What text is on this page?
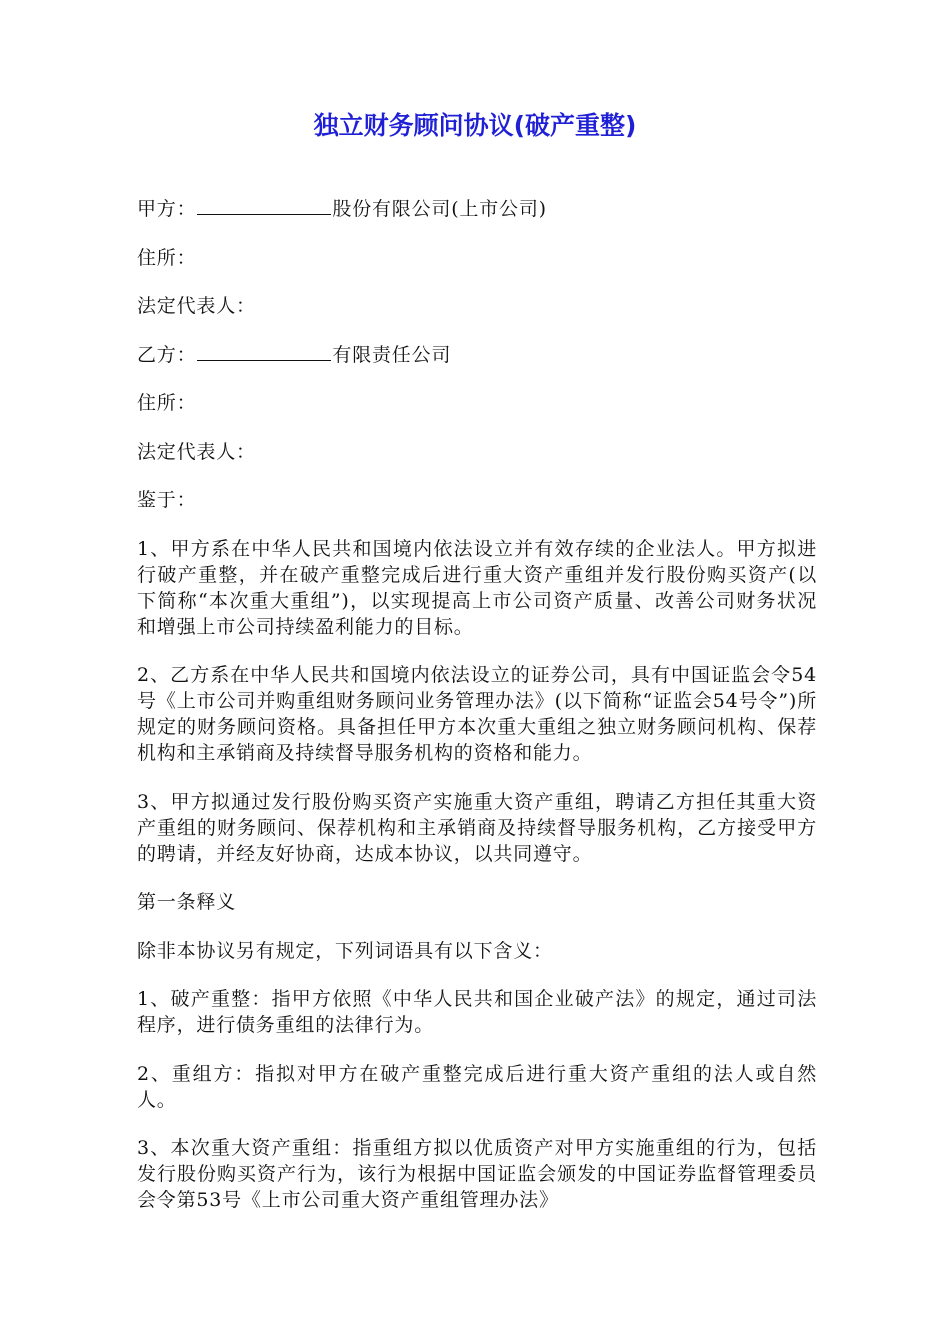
独立财务顾问协议(破产重整)

甲方：	股份有限公司(上市公司)

住所：

法定代表人：

乙方：	有限责任公司

住所：

法定代表人：

鉴于：

1、甲方系在中华人民共和国境内依法设立并有效存续的企业法人。甲方拟进行破产重整，并在破产重整完成后进行重大资产重组并发行股份购买资产(以下简称“本次重大重组”)，以实现提高上市公司资产质量、改善公司财务状况和增强上市公司持续盈利能力的目标。

2、乙方系在中华人民共和国境内依法设立的证券公司，具有中国证监会令54号《上市公司并购重组财务顾问业务管理办法》(以下简称“证监会54号令”)所规定的财务顾问资格。具备担任甲方本次重大重组之独立财务顾问机构、保荐机构和主承销商及持续督导服务机构的资格和能力。

3、甲方拟通过发行股份购买资产实施重大资产重组，聘请乙方担任其重大资产重组的财务顾问、保荐机构和主承销商及持续督导服务机构，乙方接受甲方的聘请，并经友好协商，达成本协议，以共同遵守。

第一条释义

除非本协议另有规定，下列词语具有以下含义：

1、破产重整：指甲方依照《中华人民共和国企业破产法》的规定，通过司法程序，进行债务重组的法律行为。

2、重组方：指拟对甲方在破产重整完成后进行重大资产重组的法人或自然人。

3、本次重大资产重组：指重组方拟以优质资产对甲方实施重组的行为，包括发行股份购买资产行为，该行为根据中国证监会颁发的中国证券监督管理委员会令第53号《上市公司重大资产重组管理办法》
